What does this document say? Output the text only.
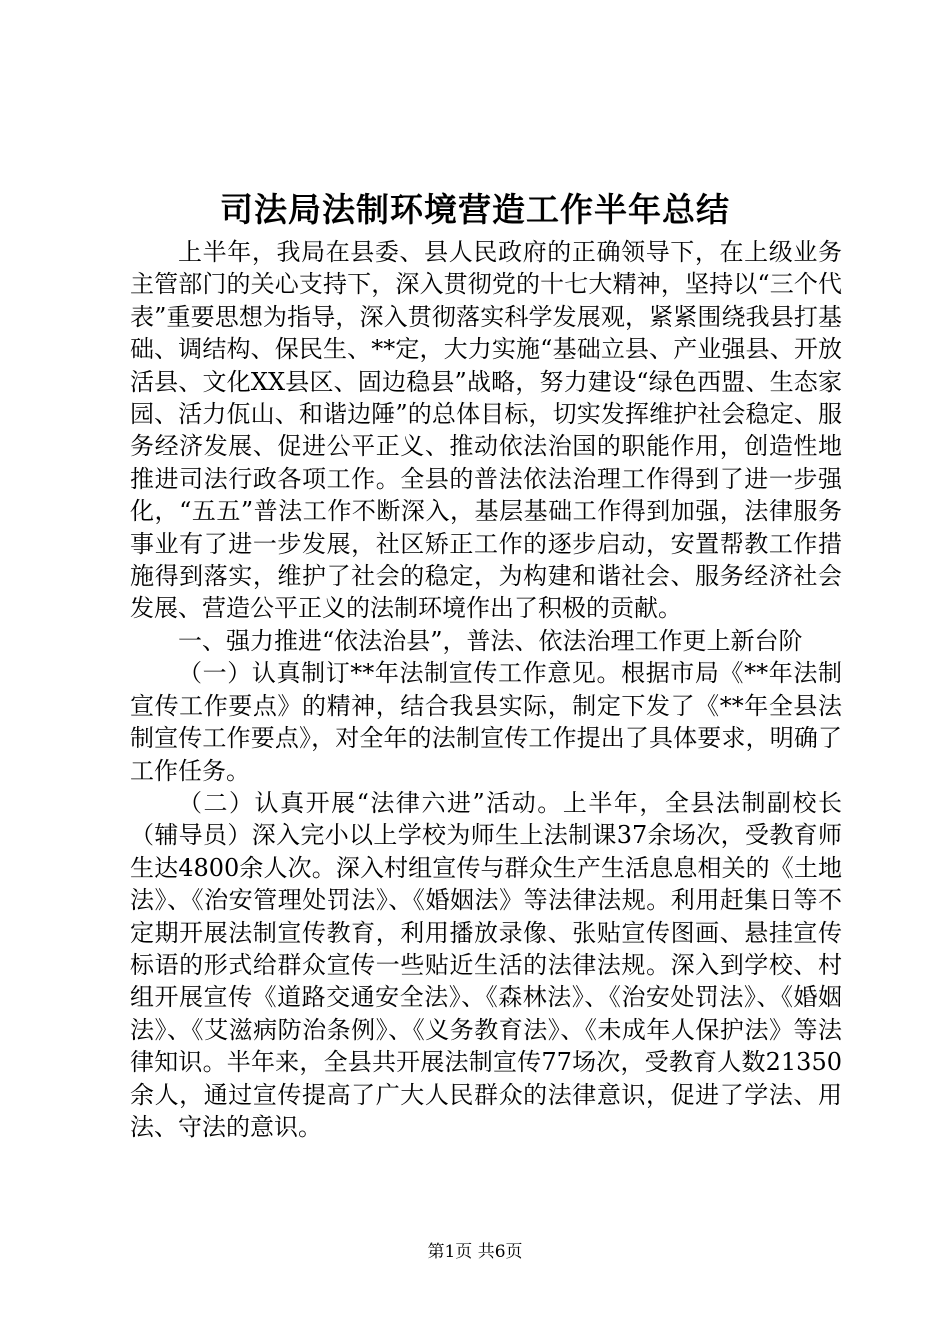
司法局法制环境营造工作半年总结

上半年，我局在县委、县人民政府的正确领导下，在上级业务主管部门的关心支持下，深入贯彻党的十七大精神，坚持以“三个代表”重要思想为指导，深入贯彻落实科学发展观，紧紧围绕我县打基础、调结构、保民生、**定，大力实施“基础立县、产业强县、开放活县、文化XX县区、固边稳县”战略，努力建设“绿色西盟、生态家园、活力佤山、和谐边陲”的总体目标，切实发挥维护社会稳定、服务经济发展、促进公平正义、推动依法治国的职能作用，创造性地推进司法行政各项工作。全县的普法依法治理工作得到了进一步强化，“五五”普法工作不断深入，基层基础工作得到加强，法律服务事业有了进一步发展，社区矫正工作的逐步启动，安置帮教工作措施得到落实，维护了社会的稳定，为构建和谐社会、服务经济社会发展、营造公平正义的法制环境作出了积极的贡献。

一、强力推进“依法治县”，普法、依法治理工作更上新台阶

（一）认真制订**年法制宣传工作意见。根据市局《**年法制宣传工作要点》的精神，结合我县实际，制定下发了《**年全县法制宣传工作要点》，对全年的法制宣传工作提出了具体要求，明确了工作任务。

（二）认真开展“法律六进”活动。上半年，全县法制副校长（辅导员）深入完小以上学校为师生上法制课37余场次，受教育师生达4800余人次。深入村组宣传与群众生产生活息息相关的《土地法》、《治安管理处罚法》、《婚姻法》等法律法规。利用赶集日等不定期开展法制宣传教育，利用播放录像、张贴宣传图画、悬挂宣传标语的形式给群众宣传一些贴近生活的法律法规。深入到学校、村组开展宣传《道路交通安全法》、《森林法》、《治安处罚法》、《婚姻法》、《艾滋病防治条例》、《义务教育法》、《未成年人保护法》等法律知识。半年来，全县共开展法制宣传77场次，受教育人数21350余人，通过宣传提高了广大人民群众的法律意识，促进了学法、用法、守法的意识。

第1页 共6页
